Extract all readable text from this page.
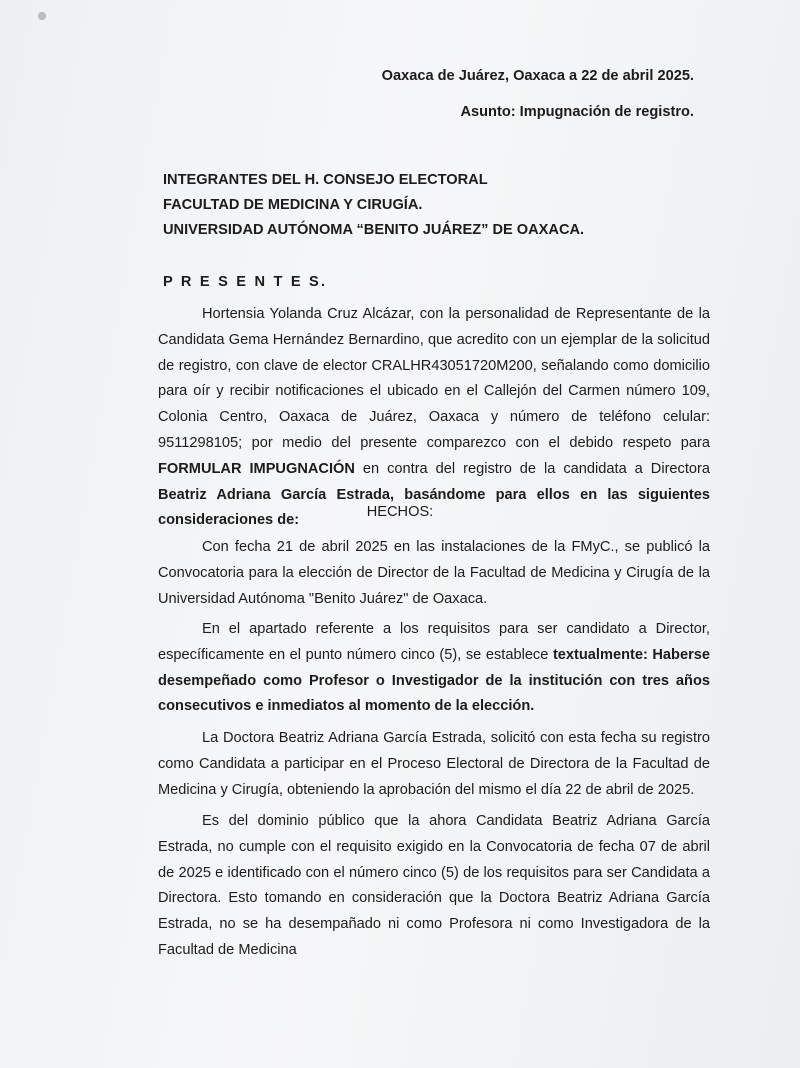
Oaxaca de Juárez, Oaxaca a 22 de abril 2025.
Asunto: Impugnación de registro.
INTEGRANTES DEL H. CONSEJO ELECTORAL
FACULTAD DE MEDICINA Y CIRUGÍA.
UNIVERSIDAD AUTÓNOMA “BENITO JUÁREZ” DE OAXACA.
P R E S E N T E S.
Hortensia Yolanda Cruz Alcázar, con la personalidad de Representante de la Candidata Gema Hernández Bernardino, que acredito con un ejemplar de la solicitud de registro, con clave de elector CRALHR43051720M200, señalando como domicilio para oír y recibir notificaciones el ubicado en el Callejón del Carmen número 109, Colonia Centro, Oaxaca de Juárez, Oaxaca y número de teléfono celular: 9511298105; por medio del presente comparezco con el debido respeto para FORMULAR IMPUGNACIÓN en contra del registro de la candidata a Directora Beatriz Adriana García Estrada, basándome para ellos en las siguientes consideraciones de:
HECHOS:
Con fecha 21 de abril 2025 en las instalaciones de la FMyC., se publicó la Convocatoria para la elección de Director de la Facultad de Medicina y Cirugía de la Universidad Autónoma "Benito Juárez" de Oaxaca.
En el apartado referente a los requisitos para ser candidato a Director, específicamente en el punto número cinco (5), se establece textualmente: Haberse desempeñado como Profesor o Investigador de la institución con tres años consecutivos e inmediatos al momento de la elección.
La Doctora Beatriz Adriana García Estrada, solicitó con esta fecha su registro como Candidata a participar en el Proceso Electoral de Directora de la Facultad de Medicina y Cirugía, obteniendo la aprobación del mismo el día 22 de abril de 2025.
Es del dominio público que la ahora Candidata Beatriz Adriana García Estrada, no cumple con el requisito exigido en la Convocatoria de fecha 07 de abril de 2025 e identificado con el número cinco (5) de los requisitos para ser Candidata a Directora. Esto tomando en consideración que la Doctora Beatriz Adriana García Estrada, no se ha desempañado ni como Profesora ni como Investigadora de la Facultad de Medicina
